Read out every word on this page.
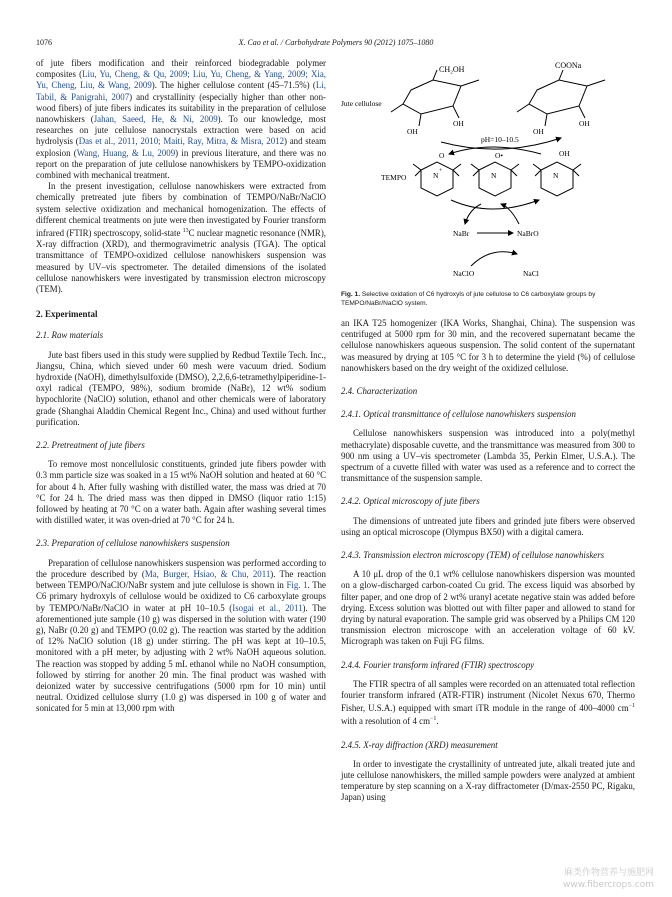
1076	X. Cao et al. / Carbohydrate Polymers 90 (2012) 1075–1080

of jute fibers modification and their reinforced biodegradable polymer composites (Liu, Yu, Cheng, & Qu, 2009; Liu, Yu, Cheng, & Yang, 2009; Xia, Yu, Cheng, Liu, & Wang, 2009). The higher cellulose content (45–71.5%) (Li, Tabil, & Panigrahi, 2007) and crystallinity (especially higher than other non-wood fibers) of jute fibers indicates its suitability in the preparation of cellulose nanowhiskers (Jahan, Saeed, He, & Ni, 2009). To our knowledge, most researches on jute cellulose nanocrystals extraction were based on acid hydrolysis (Das et al., 2011, 2010; Maiti, Ray, Mitra, & Misra, 2012) and steam explosion (Wang, Huang, & Lu, 2009) in previous literature, and there was no report on the preparation of jute cellulose nanowhiskers by TEMPO-oxidization combined with mechanical treatment.

In the present investigation, cellulose nanowhiskers were extracted from chemically pretreated jute fibers by combination of TEMPO/NaBr/NaClO system selective oxidization and mechanical homogenization. The effects of different chemical treatments on jute were then investigated by Fourier transform infrared (FTIR) spectroscopy, solid-state $^{13}$C nuclear magnetic resonance (NMR), X-ray diffraction (XRD), and thermogravimetric analysis (TGA). The optical transmittance of TEMPO-oxidized cellulose nanowhiskers suspension was measured by UV–vis spectrometer. The detailed dimensions of the isolated cellulose nanowhiskers were investigated by transmission electron microscopy (TEM).

2. Experimental
2.1. Raw materials

Jute bast fibers used in this study were supplied by Redbud Textile Tech. Inc., Jiangsu, China, which sieved under 60 mesh were vacuum dried. Sodium hydroxide (NaOH), dimethylsulfoxide (DMSO), 2,2,6,6-tetramethylpiperidine-1-oxyl radical (TEMPO, 98%), sodium bromide (NaBr), 12 wt% sodium hypochlorite (NaClO) solution, ethanol and other chemicals were of laboratory grade (Shanghai Aladdin Chemical Regent Inc., China) and used without further purification.

2.2. Pretreatment of jute fibers

To remove most noncellulosic constituents, grinded jute fibers powder with 0.3 mm particle size was soaked in a 15 wt% NaOH solution and heated at 60 °C for about 4 h. After fully washing with distilled water, the mass was dried at 70 °C for 24 h. The dried mass was then dipped in DMSO (liquor ratio 1:15) followed by heating at 70 °C on a water bath. Again after washing several times with distilled water, it was oven-dried at 70 °C for 24 h.

2.3. Preparation of cellulose nanowhiskers suspension

Preparation of cellulose nanowhiskers suspension was performed according to the procedure described by (Ma, Burger, Hsiao, & Chu, 2011). The reaction between TEMPO/NaClO/NaBr system and jute cellulose is shown in Fig. 1. The C6 primary hydroxyls of cellulose would be oxidized to C6 carboxylate groups by TEMPO/NaBr/NaClO in water at pH 10–10.5 (Isogai et al., 2011). The aforementioned jute sample (10 g) was dispersed in the solution with water (190 g), NaBr (0.20 g) and TEMPO (0.02 g). The reaction was started by the addition of 12% NaClO solution (18 g) under stirring. The pH was kept at 10–10.5, monitored with a pH meter, by adjusting with 2 wt% NaOH aqueous solution. The reaction was stopped by adding 5 mL ethanol while no NaOH consumption, followed by stirring for another 20 min. The final product was washed with deionized water by successive centrifugations (5000 rpm for 10 min) until neutral. Oxidized cellulose slurry (1.0 g) was dispersed in 100 g of water and sonicated for 5 min at 13,000 rpm with

CH₂OH
OH
OH
Jute cellulose
COONa
OH
OH
pH=10–10.5
N +
O
TEMPO	N
O•
N
OH
NaBr	NaBrO
NaClO	NaCl
Fig. 1. Selective oxidation of C6 hydroxyls of jute cellulose to C6 carboxylate groups by TEMPO/NaBr/NaClO system.

an IKA T25 homogenizer (IKA Works, Shanghai, China). The suspension was centrifuged at 5000 rpm for 30 min, and the recovered supernatant became the cellulose nanowhiskers aqueous suspension. The solid content of the supernatant was measured by drying at 105 °C for 3 h to determine the yield (%) of cellulose nanowhiskers based on the dry weight of the oxidized cellulose.

2.4. Characterization
2.4.1. Optical transmittance of cellulose nanowhiskers suspension

Cellulose nanowhiskers suspension was introduced into a poly(methyl methacrylate) disposable cuvette, and the transmittance was measured from 300 to 900 nm using a UV–vis spectrometer (Lambda 35, Perkin Elmer, U.S.A.). The spectrum of a cuvette filled with water was used as a reference and to correct the transmittance of the suspension sample.

2.4.2. Optical microscopy of jute fibers

The dimensions of untreated jute fibers and grinded jute fibers were observed using an optical microscope (Olympus BX50) with a digital camera.

2.4.3. Transmission electron microscopy (TEM) of cellulose nanowhiskers

A 10 μL drop of the 0.1 wt% cellulose nanowhiskers dispersion was mounted on a glow-discharged carbon-coated Cu grid. The excess liquid was absorbed by filter paper, and one drop of 2 wt% uranyl acetate negative stain was added before drying. Excess solution was blotted out with filter paper and allowed to stand for drying by natural evaporation. The sample grid was observed by a Philips CM 120 transmission electron microscope with an acceleration voltage of 60 kV. Micrograph was taken on Fuji FG films.

2.4.4. Fourier transform infrared (FTIR) spectroscopy

The FTIR spectra of all samples were recorded on an attenuated total reflection fourier transform infrared (ATR-FTIR) instrument (Nicolet Nexus 670, Thermo Fisher, U.S.A.) equipped with smart iTR module in the range of 400–4000 $cm^{-1}$ with a resolution of 4 $cm^{-1}$.

2.4.5. X-ray diffraction (XRD) measurement

In order to investigate the crystallinity of untreated jute, alkali treated jute and jute cellulose nanowhiskers, the milled sample powders were analyzed at ambient temperature by step scanning on a X-ray diffractometer (D/max-2550 PC, Rigaku, Japan) using

麻类作物营养与施肥网
www.fibercrops.com
